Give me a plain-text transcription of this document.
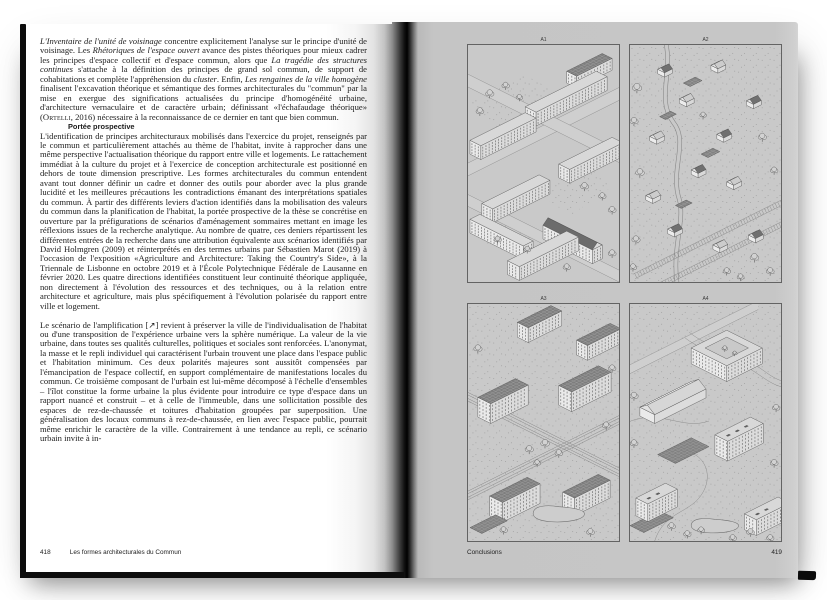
L'Inventaire de l'unité de voisinage concentre explicitement l'analyse sur le principe d'unité de voisinage. Les Rhétoriques de l'espace ouvert avance des pistes théoriques pour mieux cadrer les principes d'espace collectif et d'espace commun, alors que La tragédie des structures continues s'attache à la définition des principes de grand sol commun, de support de cohabitations et complète l'appréhension du cluster. Enfin, Les rengaines de la ville homogène finalisent l'excavation théorique et sémantique des formes architecturales du "commun" par la mise en exergue des significations actualisées du principe d'homogénéité urbaine, d'architecture vernaculaire et de caractère urbain; définissant «l'échafaudage théorique» (Ortelli, 2016) nécessaire à la reconnaissance de ce dernier en tant que bien commun.

Portée prospective

L'identification de principes architecturaux mobilisés dans l'exercice du projet, renseignés par le commun et particulièrement attachés au thème de l'habitat, invite à rapprocher dans une même perspective l'actualisation théorique du rapport entre ville et logements. Le rattachement immédiat à la culture du projet et à l'exercice de conception architecturale est positionné en dehors de toute dimension prescriptive. Les formes architecturales du commun entendent avant tout donner définir un cadre et donner des outils pour aborder avec la plus grande lucidité et les meilleures précautions les contradictions émanant des interprétations spatiales du commun. À partir des différents leviers d'action identifiés dans la mobilisation des valeurs du commun dans la planification de l'habitat, la portée prospective de la thèse se concrétise en ouverture par la préfigurations de scénarios d'aménagement sommaires mettant en image les réflexions issues de la recherche analytique. Au nombre de quatre, ces deniers répartissent les différentes entrées de la recherche dans une attribution équivalente aux scénarios identifiés par David Holmgren (2009) et réinterprétés en des termes urbains par Sébastien Marot (2019) à l'occasion de l'exposition «Agriculture and Architecture: Taking the Country's Side», à la Triennale de Lisbonne en octobre 2019 et à l'École Polytechnique Fédérale de Lausanne en février 2020. Les quatre directions identifiées constituent leur continuité théorique appliquée, non directement à l'évolution des ressources et des techniques, ou à la relation entre architecture et agriculture, mais plus spécifiquement à l'évolution polarisée du rapport entre ville et logement.

Le scénario de l'amplification [↗] revient à préserver la ville de l'individualisation de l'habitat ou d'une transposition de l'expérience urbaine vers la sphère numérique. La valeur de la vie urbaine, dans toutes ses qualités culturelles, politiques et sociales sont renforcées. L'anonymat, la masse et le repli individuel qui caractérisent l'urbain trouvent une place dans l'espace public et l'habitation minimum. Ces deux polarités majeures sont aussitôt compensées par l'émancipation de l'espace collectif, en support complémentaire de manifestations locales du commun. Ce troisième composant de l'urbain est lui-même décomposé à l'échelle d'ensembles – l'îlot constitue la forme urbaine la plus évidente pour introduire ce type d'espace dans un rapport nuancé et construit – et à celle de l'immeuble, dans une sollicitation possible des espaces de rez-de-chaussée et toitures d'habitation groupées par superposition. Une généralisation des locaux communs à rez-de-chaussée, en lien avec l'espace public, pourrait même enrichir le caractère de la ville. Contrairement à une tendance au repli, ce scénario urbain invite à in-

418	Les formes architecturales du Commun
A1	A2
A3	A4
Conclusions	419
